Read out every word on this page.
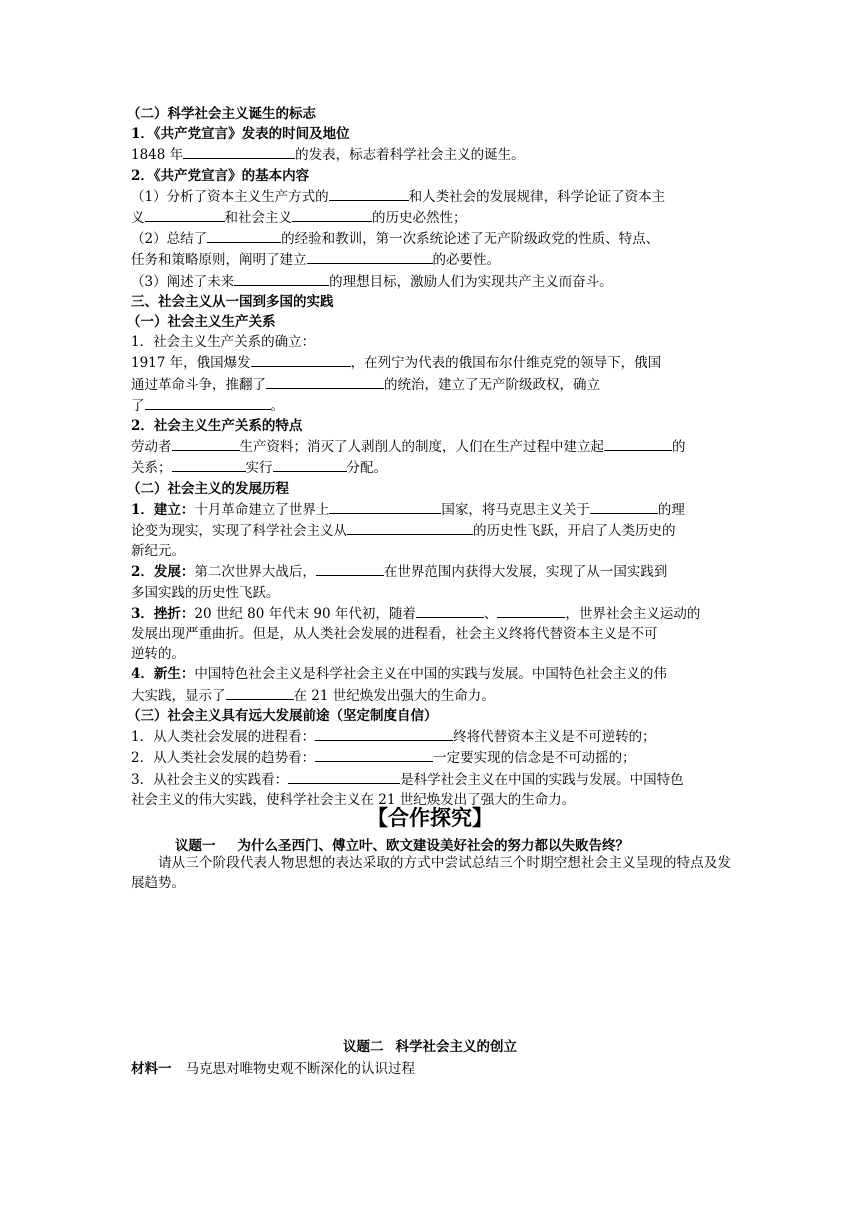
（二）科学社会主义诞生的标志

1．《共产党宣言》发表的时间及地位

1848 年	的发表，标志着科学社会主义的诞生。

2．《共产党宣言》的基本内容

（1）分析了资本主义生产方式的	和人类社会的发展规律，科学论证了资本主

义	和社会主义	的历史必然性；

（2）总结了	的经验和教训，第一次系统论述了无产阶级政党的性质、特点、

任务和策略原则，阐明了建立	的必要性。

（3）阐述了未来	的理想目标，激励人们为实现共产主义而奋斗。

三、社会主义从一国到多国的实践

（一）社会主义生产关系

1．社会主义生产关系的确立：

1917 年，俄国爆发	，在列宁为代表的俄国布尔什维克党的领导下，俄国

通过革命斗争，推翻了	的统治，建立了无产阶级政权，确立

了	。

2．社会主义生产关系的特点

劳动者	生产资料；消灭了人剥削人的制度，人们在生产过程中建立起	的

关系；	实行	分配。

（二）社会主义的发展历程

1．建立：十月革命建立了世界上	国家，将马克思主义关于	的理

论变为现实，实现了科学社会主义从	的历史性飞跃，开启了人类历史的

新纪元。

2．发展：第二次世界大战后，	在世界范围内获得大发展，实现了从一国实践到

多国实践的历史性飞跃。

3．挫折：20 世纪 80 年代末 90 年代初，随着	、	，世界社会主义运动的

发展出现严重曲折。但是，从人类社会发展的进程看，社会主义终将代替资本主义是不可

逆转的。

4．新生：中国特色社会主义是科学社会主义在中国的实践与发展。中国特色社会主义的伟

大实践，显示了	在 21 世纪焕发出强大的生命力。

（三）社会主义具有远大发展前途（坚定制度自信）

1．从人类社会发展的进程看：	终将代替资本主义是不可逆转的；

2．从人类社会发展的趋势看：	一定要实现的信念是不可动摇的；

3．从社会主义的实践看：	是科学社会主义在中国的实践与发展。中国特色

社会主义的伟大实践，使科学社会主义在 21 世纪焕发出了强大的生命力。

【合作探究】
议题一 为什么圣西门、傅立叶、欧文建设美好社会的努力都以失败告终？

请从三个阶段代表人物思想的表达采取的方式中尝试总结三个时期空想社会主义呈现的特点及发展趋势。

议题二 科学社会主义的创立
材料一 马克思对唯物史观不断深化的认识过程
